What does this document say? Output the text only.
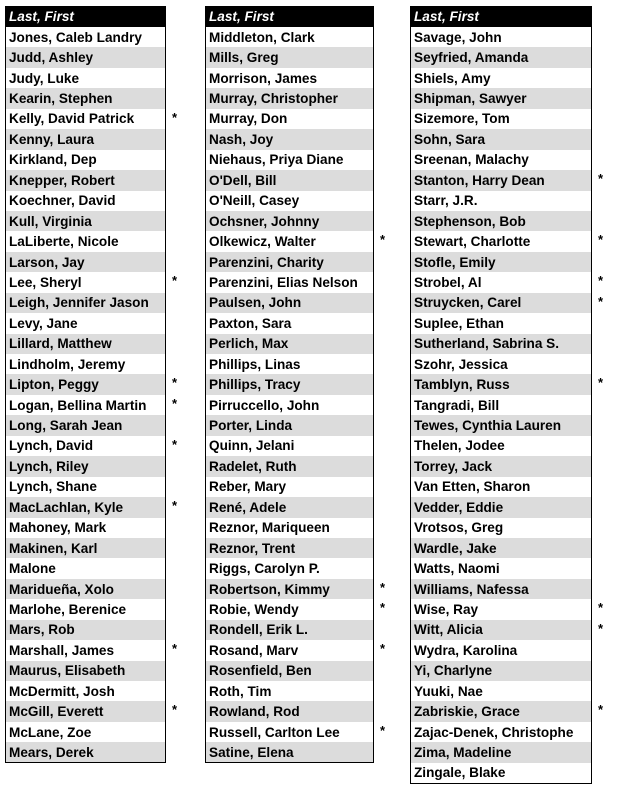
Last, First	
Jones, Caleb Landry	

Judd, Ashley	

Judy, Luke	

Kearin, Stephen	

Kelly, David Patrick	*

Kenny, Laura	

Kirkland, Dep	

Knepper, Robert	

Koechner, David	

Kull, Virginia	

LaLiberte, Nicole	

Larson, Jay	

Lee, Sheryl	*

Leigh, Jennifer Jason	

Levy, Jane	

Lillard, Matthew	

Lindholm, Jeremy	

Lipton, Peggy	*

Logan, Bellina Martin	*

Long, Sarah Jean	

Lynch, David	*

Lynch, Riley	

Lynch, Shane	

MacLachlan, Kyle	*

Mahoney, Mark	

Makinen, Karl	

Malone	

Maridueña, Xolo	

Marlohe, Berenice	

Mars, Rob	

Marshall, James	*

Maurus, Elisabeth	

McDermitt, Josh	

McGill, Everett	*

McLane, Zoe	

Mears, Derek	
Last, First	
Middleton, Clark	

Mills, Greg	

Morrison, James	

Murray, Christopher	

Murray, Don	

Nash, Joy	

Niehaus, Priya Diane	

O'Dell, Bill	

O'Neill, Casey	

Ochsner, Johnny	

Olkewicz, Walter	*

Parenzini, Charity	

Parenzini, Elias Nelson	

Paulsen, John	

Paxton, Sara	

Perlich, Max	

Phillips, Linas	

Phillips, Tracy	

Pirruccello, John	

Porter, Linda	

Quinn, Jelani	

Radelet, Ruth	

Reber, Mary	

René, Adele	

Reznor, Mariqueen	

Reznor, Trent	

Riggs, Carolyn P.	

Robertson, Kimmy	*

Robie, Wendy	*

Rondell, Erik L.	

Rosand, Marv	*

Rosenfield, Ben	

Roth, Tim	

Rowland, Rod	

Russell, Carlton Lee	*

Satine, Elena	
Last, First	
Savage, John	

Seyfried, Amanda	

Shiels, Amy	

Shipman, Sawyer	

Sizemore, Tom	

Sohn, Sara	

Sreenan, Malachy	

Stanton, Harry Dean	*

Starr, J.R.	

Stephenson, Bob	

Stewart, Charlotte	*

Stofle, Emily	

Strobel, Al	*

Struycken, Carel	*

Suplee, Ethan	

Sutherland, Sabrina S.	

Szohr, Jessica	

Tamblyn, Russ	*

Tangradi, Bill	

Tewes, Cynthia Lauren	

Thelen, Jodee	

Torrey, Jack	

Van Etten, Sharon	

Vedder, Eddie	

Vrotsos, Greg	

Wardle, Jake	

Watts, Naomi	

Williams, Nafessa	

Wise, Ray	*

Witt, Alicia	*

Wydra, Karolina	

Yi, Charlyne	

Yuuki, Nae	

Zabriskie, Grace	*

Zajac-Denek, Christophe	

Zima, Madeline	

Zingale, Blake	
